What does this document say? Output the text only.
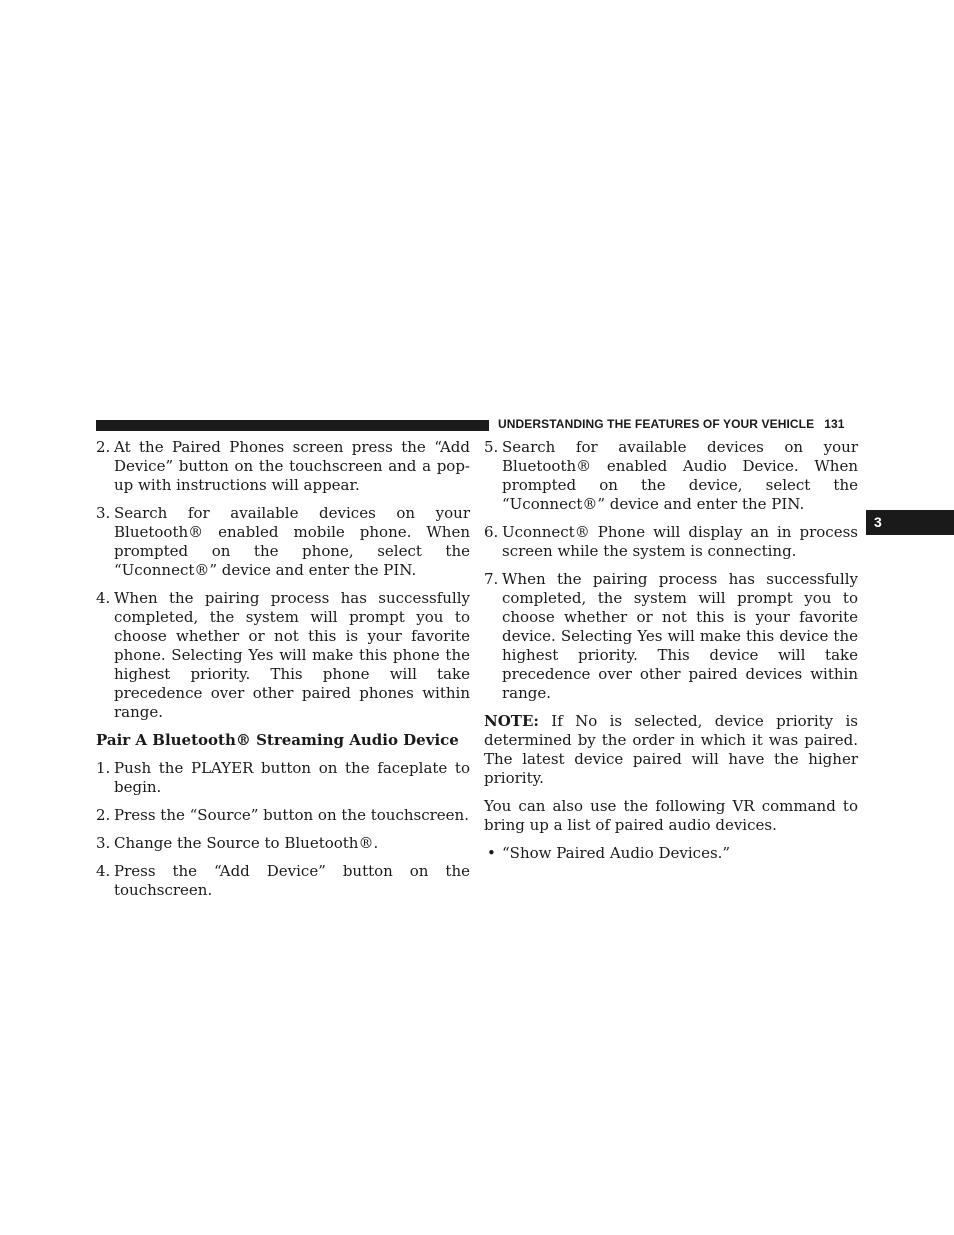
UNDERSTANDING THE FEATURES OF YOUR VEHICLE 131
3
2. At the Paired Phones screen press the “Add Device” button on the touchscreen and a pop-up with instructions will appear.
3. Search for available devices on your Bluetooth® enabled mobile phone. When prompted on the phone, select the “Uconnect®” device and enter the PIN.
4. When the pairing process has successfully completed, the system will prompt you to choose whether or not this is your favorite phone. Selecting Yes will make this phone the highest priority. This phone will take precedence over other paired phones within range.

Pair A Bluetooth® Streaming Audio Device

1. Push the PLAYER button on the faceplate to begin.
2. Press the “Source” button on the touchscreen.
3. Change the Source to Bluetooth®.
4. Press the “Add Device” button on the touchscreen.
5. Search for available devices on your Bluetooth® enabled Audio Device. When prompted on the device, select the “Uconnect®” device and enter the PIN.
6. Uconnect® Phone will display an in process screen while the system is connecting.
7. When the pairing process has successfully completed, the system will prompt you to choose whether or not this is your favorite device. Selecting Yes will make this device the highest priority. This device will take precedence over other paired devices within range.

NOTE: If No is selected, device priority is determined by the order in which it was paired. The latest device paired will have the higher priority.

You can also use the following VR command to bring up a list of paired audio devices.

• “Show Paired Audio Devices.”
